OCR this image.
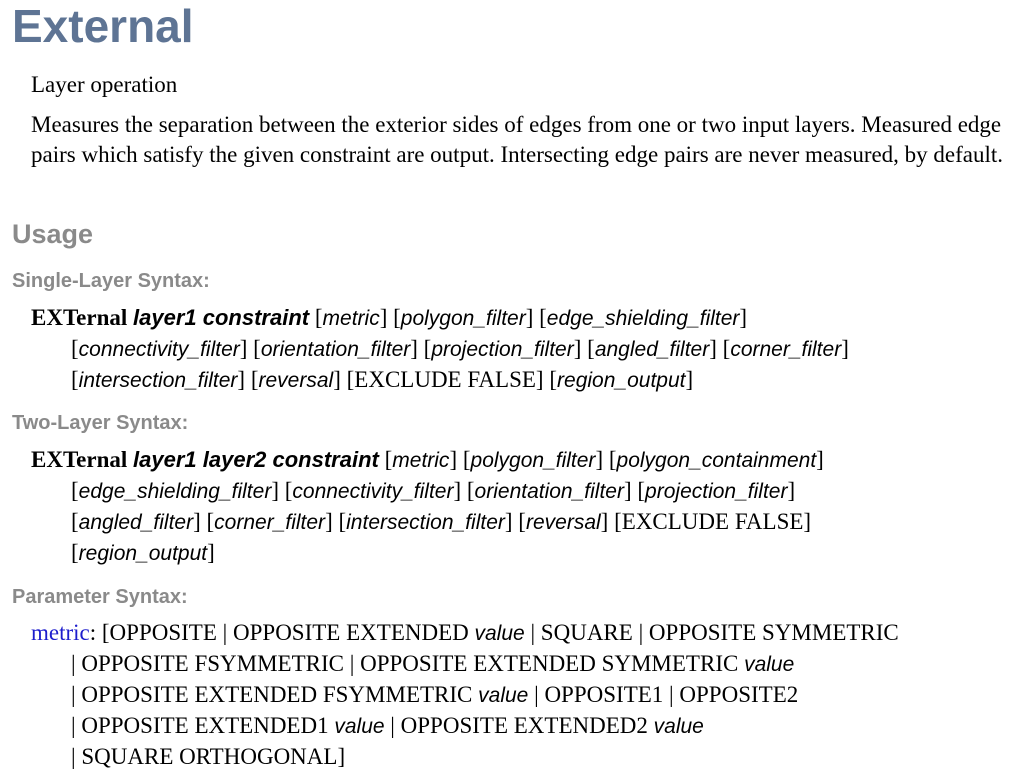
External
Layer operation
Measures the separation between the exterior sides of edges from one or two input layers. Measured edge pairs which satisfy the given constraint are output. Intersecting edge pairs are never measured, by default.
Usage
Single-Layer Syntax:
EXTernal layer1 constraint [metric] [polygon_filter] [edge_shielding_filter]
[connectivity_filter] [orientation_filter] [projection_filter] [angled_filter] [corner_filter]
[intersection_filter] [reversal] [EXCLUDE FALSE] [region_output]
Two-Layer Syntax:
EXTernal layer1 layer2 constraint [metric] [polygon_filter] [polygon_containment]
[edge_shielding_filter] [connectivity_filter] [orientation_filter] [projection_filter]
[angled_filter] [corner_filter] [intersection_filter] [reversal] [EXCLUDE FALSE]
[region_output]
Parameter Syntax:
metric: [OPPOSITE | OPPOSITE EXTENDED value | SQUARE | OPPOSITE SYMMETRIC
| OPPOSITE FSYMMETRIC | OPPOSITE EXTENDED SYMMETRIC value
| OPPOSITE EXTENDED FSYMMETRIC value | OPPOSITE1 | OPPOSITE2
| OPPOSITE EXTENDED1 value | OPPOSITE EXTENDED2 value
| SQUARE ORTHOGONAL]
